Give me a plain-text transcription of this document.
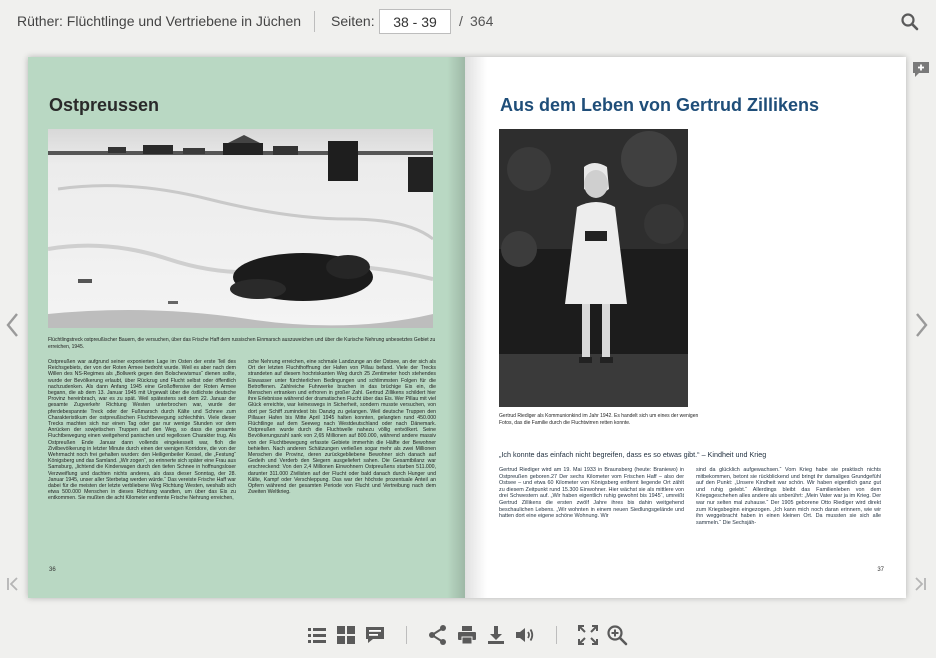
Rüther: Flüchtlinge und Vertriebene in Jüchen Seiten:
38 - 39	/ 364
Ostpreussen
Flüchtlingstreck ostpreußischer Bauern, die versuchen, über das Frische Haff dem russischen Einmarsch auszuweichen und über die Kurische Nehrung unbesetztes Gebiet zu erreichen, 1945.
Ostpreußen war aufgrund seiner exponierten Lage im Osten der erste Teil des Reichsgebiets, der von der Roten Armee bedroht wurde. Weil es aber nach dem Willen des NS-Regimes als „Bollwerk gegen den Bolschewismus“ dienen sollte, wurde der Bevölkerung erlaubt, über Rückzug und Flucht selbst oder öffentlich nachzudenken. Als dann Anfang 1945 eine Großoffensive der Roten Armee begann, die ab dem 13. Januar 1945 mit Urgewalt über die östlichste deutsche Provinz hereinbrach, war es zu spät. Weil spätestens seit dem 22. Januar der gesamte Zugverkehr Richtung Westen unterbrochen war, wurde der pferdebespannte Treck oder der Fußmarsch durch Kälte und Schnee zum Charakteristikum der ostpreußischen Fluchtbewegung schlechthin. Viele dieser Trecks machten sich nur einen Tag oder gar nur wenige Stunden vor dem Anrücken der sowjetischen Truppen auf den Weg, so dass die gesamte Fluchtbewegung einen weitgehend panischen und regellosen Charakter trug. Als Ostpreußen Ende Januar dann vollends eingekesselt war, floh die Zivilbevölkerung in letzter Minute durch einen der wenigen Korridore, die von der Wehrmacht noch frei gehalten wurden: den Heiligenbeiler Kessel, die „Festung“ Königsberg und das Samland. „Wir zogen“, so erinnerte sich später eine Frau aus Samsburg, „lichtend die Kinderwagen durch den tiefen Schnee in hoffnungsloser Verzweiflung und dachten nichts anderes, als dass dieser Sonntag, der 28. Januar 1945, unser aller Sterbetag werden würde.“ Das vereiste Frische Haff war dabei für die meisten der letzte verbliebene Weg Richtung Westen, weshalb sich etwa 500.000 Menschen in dieses Richtung wandten, um über das Eis zu entkommen. Sie mußten die acht Kilometer entfernte Frische Nehrung erreichen,
sche Nehrung erreichen, eine schmale Landzunge an der Ostsee, an der sich als Ort der letzten Fluchthoffnung der Hafen von Pillau befand. Viele der Trecks strandeten auf diesem hochriskanten Weg durch 25 Zentimeter hoch stehendes Eiswasser unter fürchterlichen Bedingungen und schlimmsten Folgen für die Betroffenen. Zahlreiche Fuhrwerke brachen in das brüchige Eis ein, die Menschen ertranken und erfroren in großer Zahl. Gertrud Zillikens schildert hier ihre Erlebnisse während der dramatischen Flucht über das Eis. Wer Pillau mit viel Glück erreichte, war keineswegs in Sicherheit, sondern musste versuchen, von dort per Schiff zumindest bis Danzig zu gelangen. Weil deutsche Truppen den Pillauer Hafen bis Mitte April 1945 halten konnten, gelangten rund 450.000 Flüchtlinge auf dem Seeweg nach Westdeutschland oder nach Dänemark. Ostpreußen wurde durch die Fluchtwelle nahezu völlig entvölkert. Seine Bevölkerungszahl sank von 2,65 Millionen auf 800.000, während andere massiv von der Fluchtbewegung erfasste Gebiete immerhin die Hälfte der Bewohner behielten. Nach anderen Schätzungen verließen sogar mehr als zwei Millionen Menschen die Provinz, deren zurückgebliebene Bewohner sich danach auf Gedeih und Verderb den Siegern ausgeliefert sahen. Die Gesamtbilanz war erschreckend: Von den 2,4 Millionen Einwohnern Ostpreußens starben 511.000, darunter 311.000 Zivilisten auf der Flucht oder bald danach durch Hunger und Kälte, Kampf oder Verschleppung. Das war der höchste prozentuale Anteil an Opfern während der gesamten Periode von Flucht und Vertreibung nach dem Zweiten Weltkrieg.
36
Aus dem Leben von Gertrud Zillikens
Gertrud Riediger als Kommunionkind im Jahr 1942. Es handelt sich um eines der wenigen Fotos, das die Familie durch die Fluchtwirren retten konnte.
„Ich konnte das einfach nicht begreifen, dass es so etwas gibt.“ – Kindheit und Krieg
Gertrud Riediger wird am 19. Mai 1933 in Braunsberg (heute: Braniewo) in Ostpreußen geboren.27 Der sechs Kilometer vom Frischen Haff – also der Ostsee – und etwa 60 Kilometer von Königsberg entfernt liegende Ort zählt zu diesem Zeitpunkt rund 15.300 Einwohner. Hier wächst sie als mittlere von drei Schwestern auf. „Wir haben eigentlich ruhig gewohnt bis 1945“, umreißt Gertrud Zillikens die ersten zwölf Jahre ihres bis dahin weitgehend beschaulichen Lebens. „Wir wohnten in einem neuen Siedlungsgelände und hatten dort eine eigene schöne Wohnung. Wir
sind da glücklich aufgewachsen.“ Vom Krieg habe sie praktisch nichts mitbekommen, betont sie rückblickend und bringt ihr damaliges Grundgefühl auf den Punkt: „Unsere Kindheit war schön. Wir haben eigentlich ganz gut und ruhig gelebt.“ Allerdings bleibt das Familienleben von dem Kriegsgeschehen alles andere als unberührt: „Mein Vater war ja im Krieg. Der war nur selten mal zuhause.“ Der 1905 geborene Otto Riediger wird direkt zum Kriegsbeginn eingezogen. „Ich kann mich noch daran erinnern, wie wir ihn weggebracht haben in einen kleinen Ort. Da mussten sie sich alle sammeln.“ Die Sechsjäh-
37
